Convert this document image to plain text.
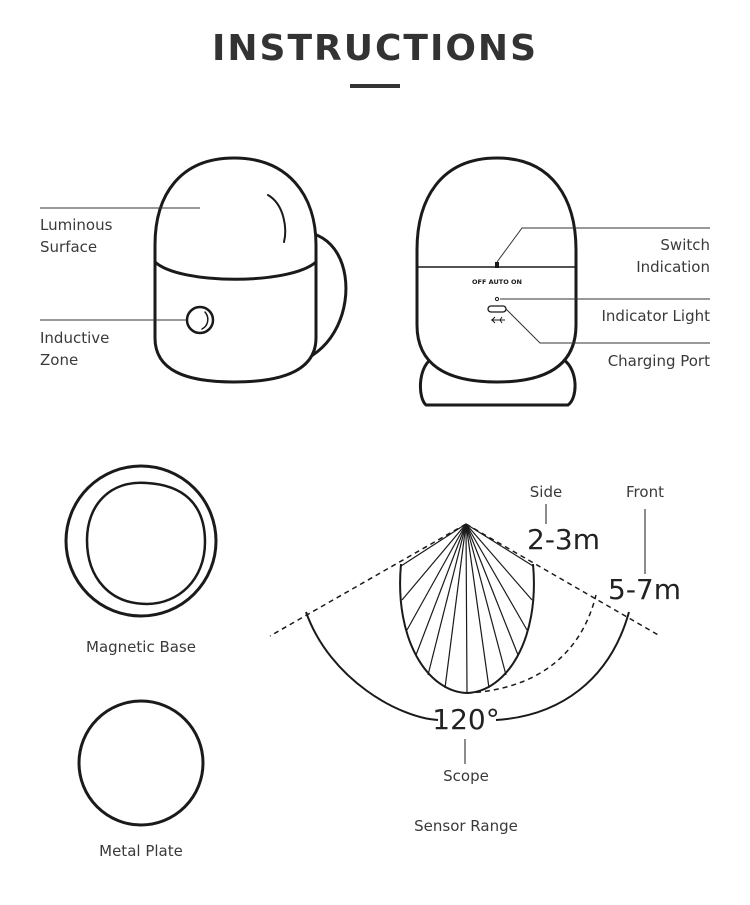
INSTRUCTIONS
OFF AUTO ON
Luminous
Surface
Inductive
Zone
Switch
Indication
Indicator Light
Charging Port
Magnetic Base
Metal Plate
Side	Front
2-3m
5-7m
120°
Scope
Sensor Range
